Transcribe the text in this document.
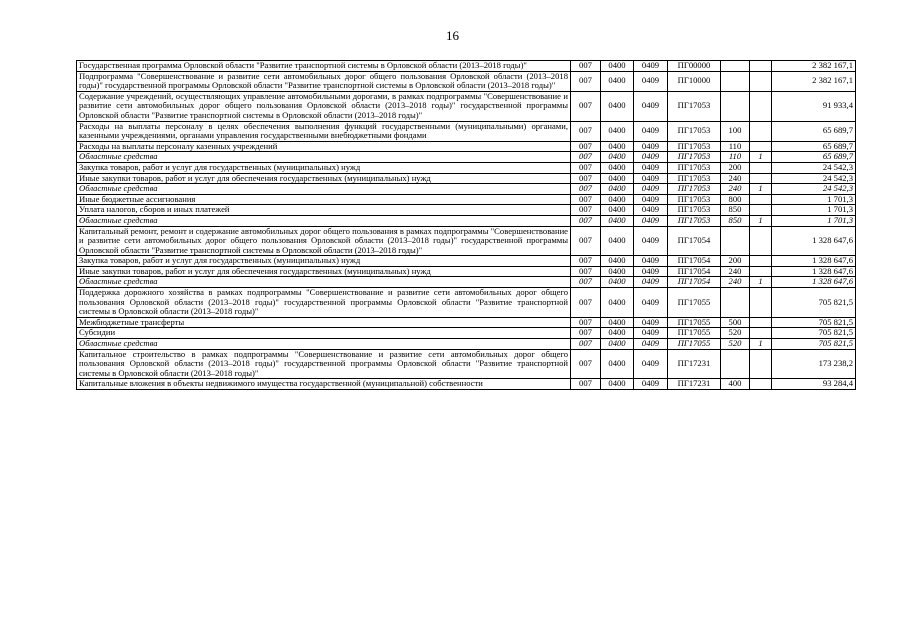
16
Государственная программа Орловской области "Развитие транспортной системы в Орловской области (2013–2018 годы)"	007	0400	0409	ПГ00000			2 382 167,1
Подпрограмма "Совершенствование и развитие сети автомобильных дорог общего пользования Орловской области (2013–2018 годы)" государственной программы Орловской области "Развитие транспортной системы в Орловской области (2013–2018 годы)"	007	0400	0409	ПГ10000			2 382 167,1
Содержание учреждений, осуществляющих управление автомобильными дорогами, в рамках подпрограммы "Совершенствование и развитие сети автомобильных дорог общего пользования Орловской области (2013–2018 годы)" государственной программы Орловской области "Развитие транспортной системы в Орловской области (2013–2018 годы)"	007	0400	0409	ПГ17053			91 933,4
Расходы на выплаты персоналу в целях обеспечения выполнения функций государственными (муниципальными) органами, казенными учреждениями, органами управления государственными внебюджетными фондами	007	0400	0409	ПГ17053	100		65 689,7
Расходы на выплаты персоналу казенных учреждений	007	0400	0409	ПГ17053	110		65 689,7
Областные средства	007	0400	0409	ПГ17053	110	1	65 689,7
Закупка товаров, работ и услуг для государственных (муниципальных) нужд	007	0400	0409	ПГ17053	200		24 542,3
Иные закупки товаров, работ и услуг для обеспечения государственных (муниципальных) нужд	007	0400	0409	ПГ17053	240		24 542,3
Областные средства	007	0400	0409	ПГ17053	240	1	24 542,3
Иные бюджетные ассигнования	007	0400	0409	ПГ17053	800		1 701,3
Уплата налогов, сборов и иных платежей	007	0400	0409	ПГ17053	850		1 701,3
Областные средства	007	0400	0409	ПГ17053	850	1	1 701,3
Капитальный ремонт, ремонт и содержание автомобильных дорог общего пользования в рамках подпрограммы "Совершенствование и развитие сети автомобильных дорог общего пользования Орловской области (2013–2018 годы)" государственной программы Орловской области "Развитие транспортной системы в Орловской области (2013–2018 годы)"	007	0400	0409	ПГ17054			1 328 647,6
Закупка товаров, работ и услуг для государственных (муниципальных) нужд	007	0400	0409	ПГ17054	200		1 328 647,6
Иные закупки товаров, работ и услуг для обеспечения государственных (муниципальных) нужд	007	0400	0409	ПГ17054	240		1 328 647,6
Областные средства	007	0400	0409	ПГ17054	240	1	1 328 647,6
Поддержка дорожного хозяйства в рамках подпрограммы "Совершенствование и развитие сети автомобильных дорог общего пользования Орловской области (2013–2018 годы)" государственной программы Орловской области "Развитие транспортной системы в Орловской области (2013–2018 годы)"	007	0400	0409	ПГ17055			705 821,5
Межбюджетные трансферты	007	0400	0409	ПГ17055	500		705 821,5
Субсидии	007	0400	0409	ПГ17055	520		705 821,5
Областные средства	007	0400	0409	ПГ17055	520	1	705 821,5
Капитальное строительство в рамках подпрограммы "Совершенствование и развитие сети автомобильных дорог общего пользования Орловской области (2013–2018 годы)" государственной программы Орловской области "Развитие транспортной системы в Орловской области (2013–2018 годы)"	007	0400	0409	ПГ17231			173 238,2
Капитальные вложения в объекты недвижимого имущества государственной (муниципальной) собственности	007	0400	0409	ПГ17231	400		93 284,4
